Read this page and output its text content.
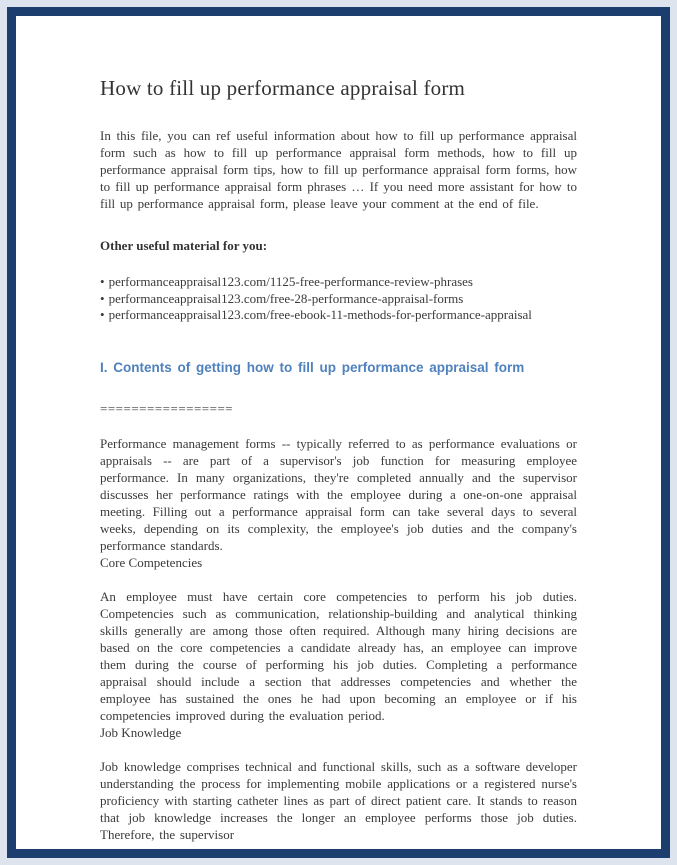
How to fill up performance appraisal form

In this file, you can ref useful information about how to fill up performance appraisal form such as how to fill up performance appraisal form methods, how to fill up performance appraisal form tips, how to fill up performance appraisal form forms, how to fill up performance appraisal form phrases … If you need more assistant for how to fill up performance appraisal form, please leave your comment at the end of file.

Other useful material for you:

• performanceappraisal123.com/1125-free-performance-review-phrases
• performanceappraisal123.com/free-28-performance-appraisal-forms
• performanceappraisal123.com/free-ebook-11-methods-for-performance-appraisal
I. Contents of getting how to fill up performance appraisal form

=================

Performance management forms -- typically referred to as performance evaluations or appraisals -- are part of a supervisor's job function for measuring employee performance. In many organizations, they're completed annually and the supervisor discusses her performance ratings with the employee during a one-on-one appraisal meeting. Filling out a performance appraisal form can take several days to several weeks, depending on its complexity, the employee's job duties and the company's performance standards.

Core Competencies

An employee must have certain core competencies to perform his job duties. Competencies such as communication, relationship-building and analytical thinking skills generally are among those often required. Although many hiring decisions are based on the core competencies a candidate already has, an employee can improve them during the course of performing his job duties. Completing a performance appraisal should include a section that addresses competencies and whether the employee has sustained the ones he had upon becoming an employee or if his competencies improved during the evaluation period.

Job Knowledge

Job knowledge comprises technical and functional skills, such as a software developer understanding the process for implementing mobile applications or a registered nurse's proficiency with starting catheter lines as part of direct patient care. It stands to reason that job knowledge increases the longer an employee performs those job duties. Therefore, the supervisor
